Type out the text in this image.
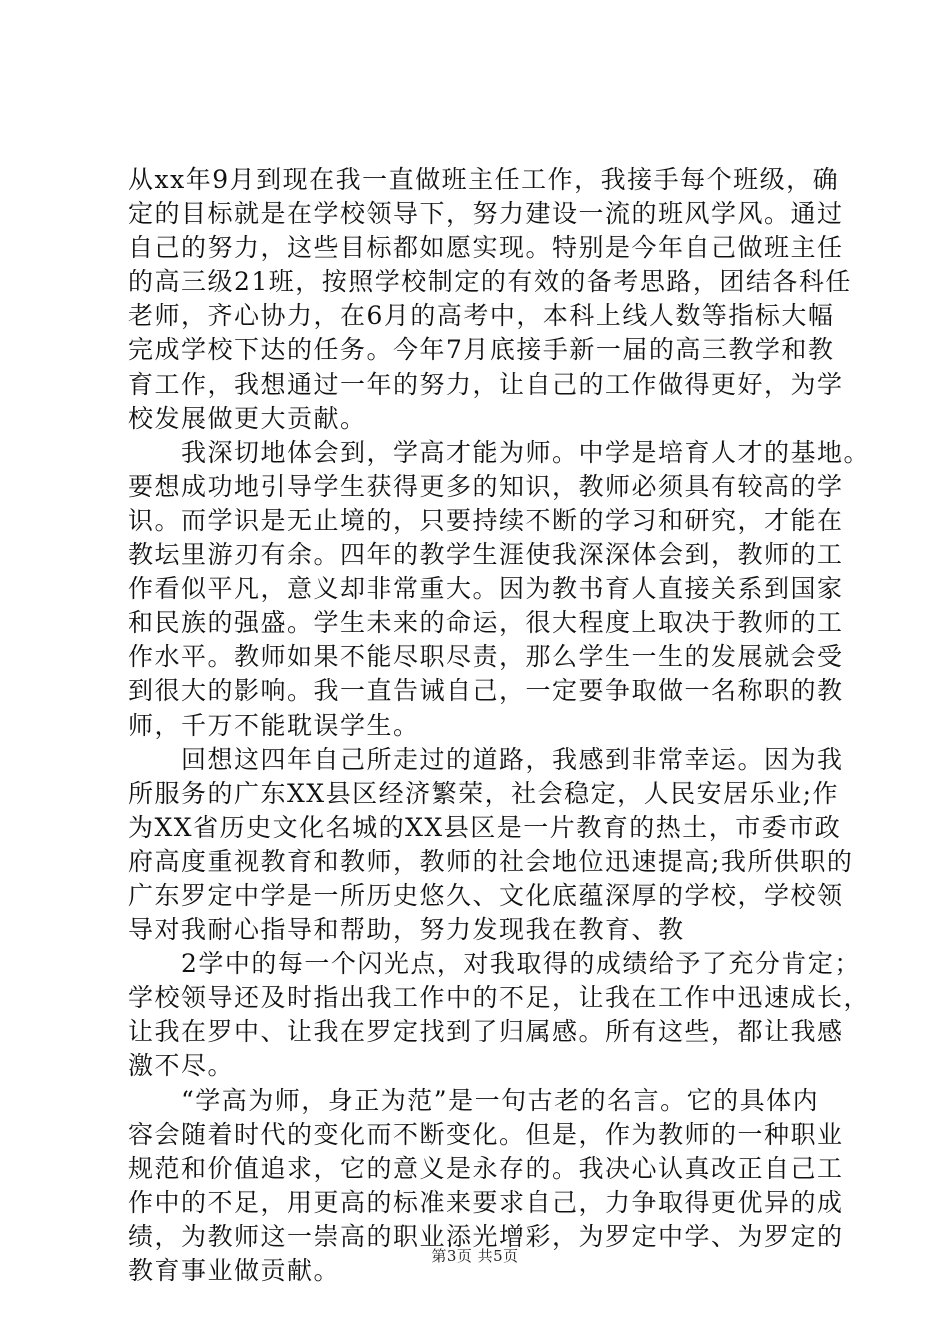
从xx年9月到现在我一直做班主任工作，我接手每个班级，确
定的目标就是在学校领导下，努力建设一流的班风学风。通过
自己的努力，这些目标都如愿实现。特别是今年自己做班主任
的高三级21班，按照学校制定的有效的备考思路，团结各科任
老师，齐心协力，在6月的高考中，本科上线人数等指标大幅
完成学校下达的任务。今年7月底接手新一届的高三教学和教
育工作，我想通过一年的努力，让自己的工作做得更好，为学
校发展做更大贡献。
　　我深切地体会到，学高才能为师。中学是培育人才的基地。
要想成功地引导学生获得更多的知识，教师必须具有较高的学
识。而学识是无止境的，只要持续不断的学习和研究，才能在
教坛里游刃有余。四年的教学生涯使我深深体会到，教师的工
作看似平凡，意义却非常重大。因为教书育人直接关系到国家
和民族的强盛。学生未来的命运，很大程度上取决于教师的工
作水平。教师如果不能尽职尽责，那么学生一生的发展就会受
到很大的影响。我一直告诫自己，一定要争取做一名称职的教
师，千万不能耽误学生。
　　回想这四年自己所走过的道路，我感到非常幸运。因为我
所服务的广东XX县区经济繁荣，社会稳定，人民安居乐业;作
为XX省历史文化名城的XX县区是一片教育的热土，市委市政
府高度重视教育和教师，教师的社会地位迅速提高;我所供职的
广东罗定中学是一所历史悠久、文化底蕴深厚的学校，学校领
导对我耐心指导和帮助，努力发现我在教育、教
　　2学中的每一个闪光点，对我取得的成绩给予了充分肯定；
学校领导还及时指出我工作中的不足，让我在工作中迅速成长，
让我在罗中、让我在罗定找到了归属感。所有这些，都让我感
激不尽。
　　“学高为师，身正为范”是一句古老的名言。它的具体内
容会随着时代的变化而不断变化。但是，作为教师的一种职业
规范和价值追求，它的意义是永存的。我决心认真改正自己工
作中的不足，用更高的标准来要求自己，力争取得更优异的成
绩，为教师这一崇高的职业添光增彩，为罗定中学、为罗定的
教育事业做贡献。	第3页 共5页
